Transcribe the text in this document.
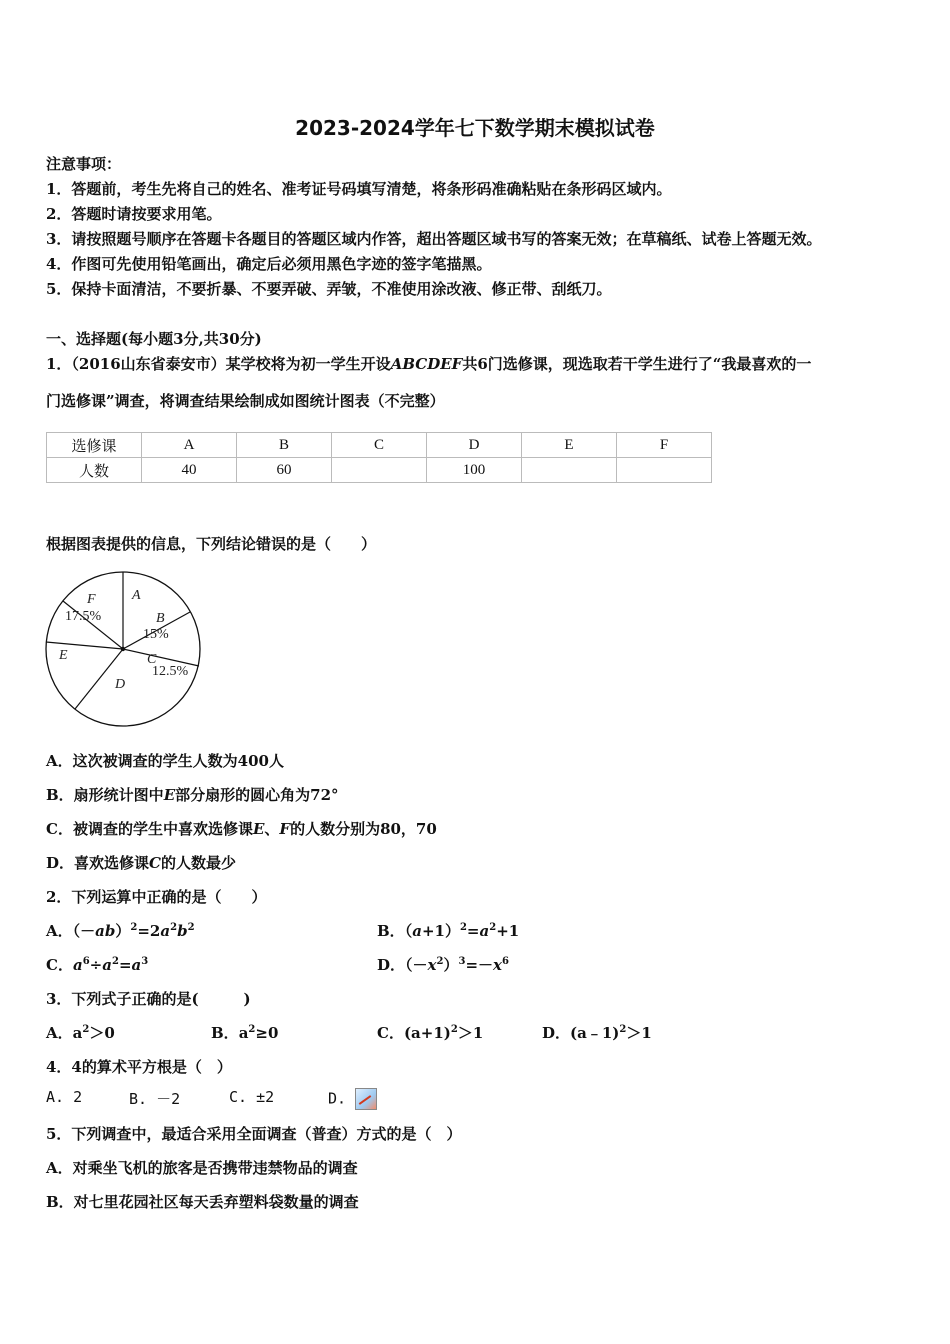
2023-2024学年七下数学期末模拟试卷
注意事项：
1．答题前，考生先将自己的姓名、准考证号码填写清楚，将条形码准确粘贴在条形码区域内。
2．答题时请按要求用笔。
3．请按照题号顺序在答题卡各题目的答题区域内作答，超出答题区域书写的答案无效；在草稿纸、试卷上答题无效。
4．作图可先使用铅笔画出，确定后必须用黑色字迹的签字笔描黑。
5．保持卡面清洁，不要折暴、不要弄破、弄皱，不准使用涂改液、修正带、刮纸刀。
一、选择题(每小题3分,共30分)
1．（2016山东省泰安市）某学校将为初一学生开设ABCDEF共6门选修课，现选取若干学生进行了“我最喜欢的一
门选修课”调查，将调查结果绘制成如图统计图表（不完整）
选修课	A	B	C	D	E	F
人数	40	60		100		
根据图表提供的信息，下列结论错误的是（　　）
A
B
15%
C
12.5%
D
E
F
17.5%
A．这次被调查的学生人数为400人
B．扇形统计图中E部分扇形的圆心角为72°
C．被调查的学生中喜欢选修课E、F的人数分别为80，70
D．喜欢选修课C的人数最少
2．下列运算中正确的是（　　）
A．$(-ab)^2=2a^2b^2$	B．$(a+1)^2=a^2+1$
C．$a^6\div a^2=a^3$	D．$(-x^2)^3=-x^6$
3．下列式子正确的是(　　　)
A．$a^2>0$	B．$a^2\ge 0$	C．$(a+1)^2>1$	D．(a﹣1)$^2$＞1
4．4的算术平方根是（　）
A. 2	B. －2	C. ±2	D.
5．下列调查中，最适合采用全面调查（普查）方式的是（　）
A．对乘坐飞机的旅客是否携带违禁物品的调查
B．对七里花园社区每天丢弃塑料袋数量的调查
